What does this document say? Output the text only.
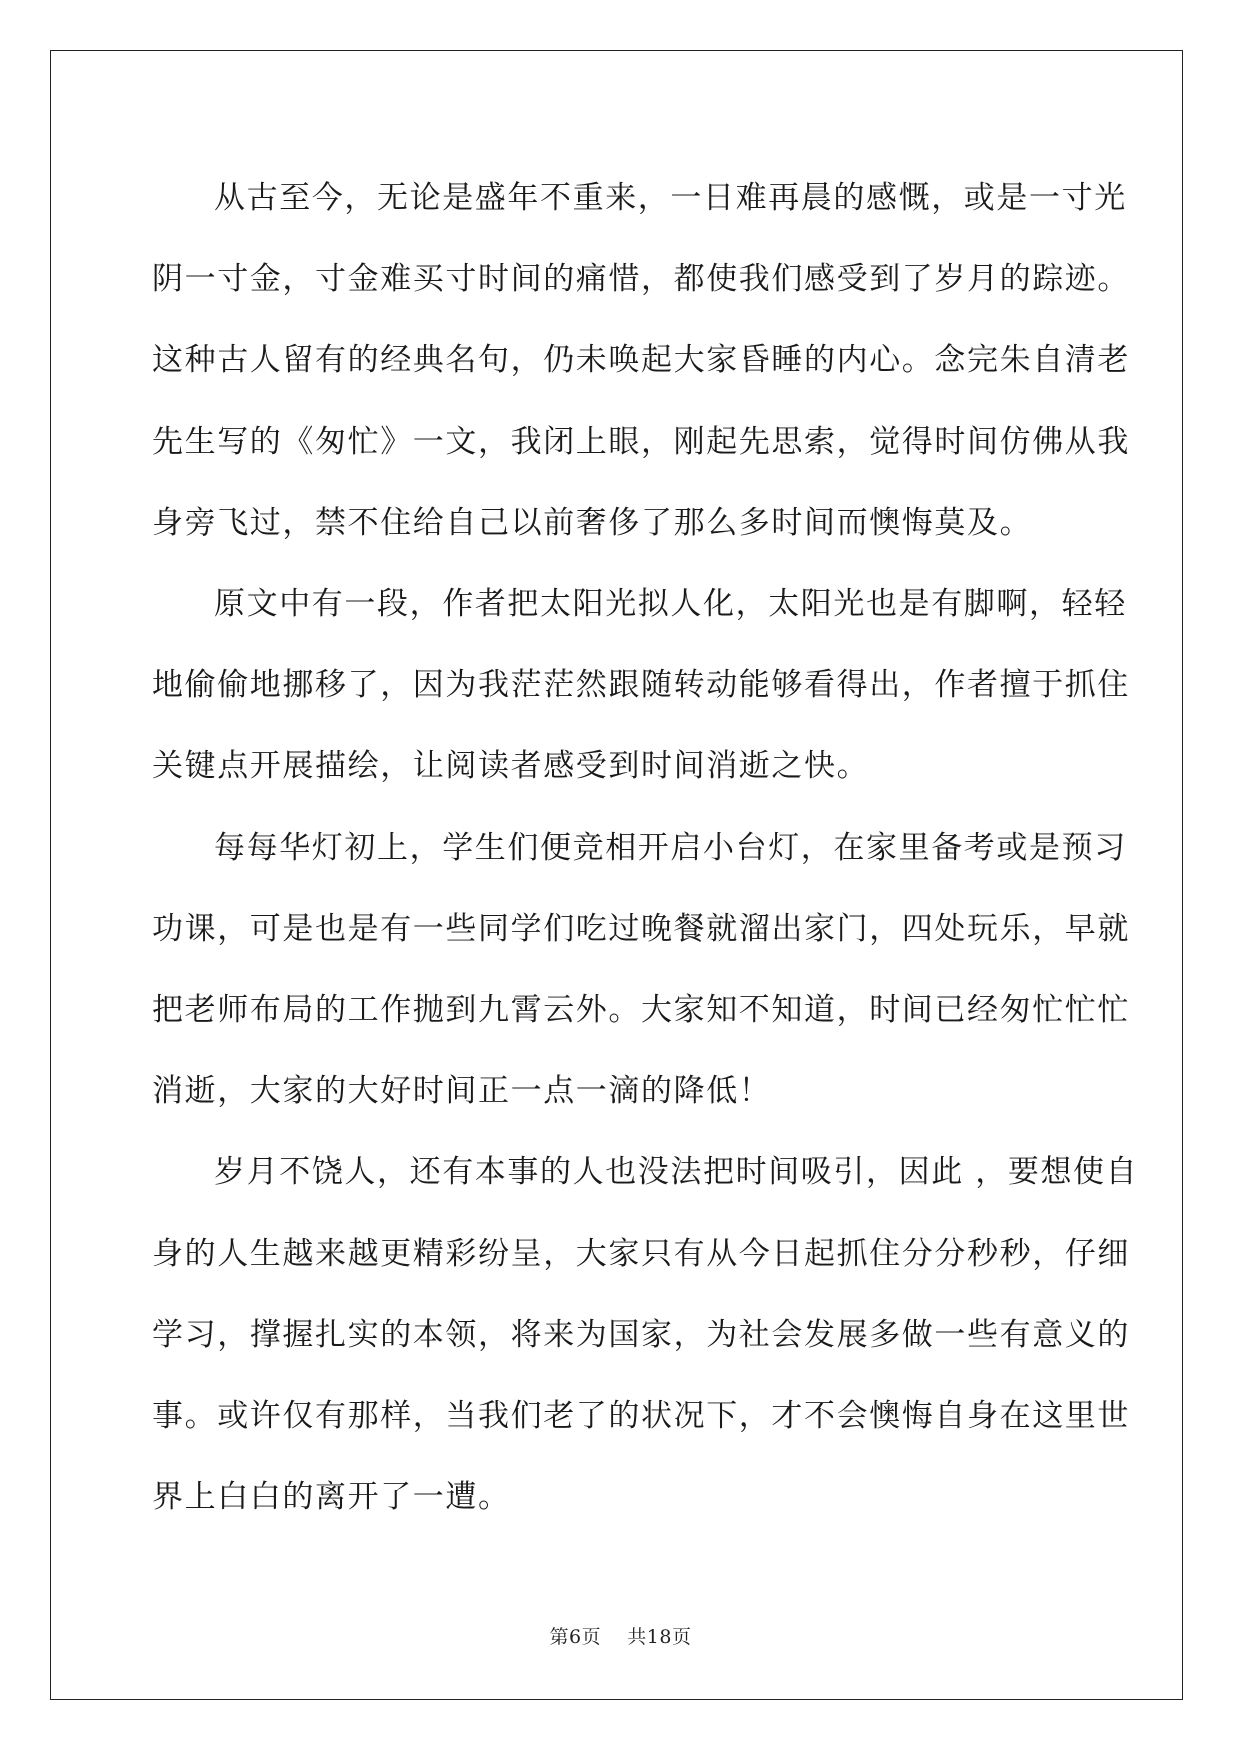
从古至今，无论是盛年不重来，一日难再晨的感慨，或是一寸光
阴一寸金，寸金难买寸时间的痛惜，都使我们感受到了岁月的踪迹。
这种古人留有的经典名句，仍未唤起大家昏睡的内心。念完朱自清老
先生写的《匆忙》一文，我闭上眼，刚起先思索，觉得时间仿佛从我
身旁飞过，禁不住给自己以前奢侈了那么多时间而懊悔莫及。

原文中有一段，作者把太阳光拟人化，太阳光也是有脚啊，轻轻
地偷偷地挪移了，因为我茫茫然跟随转动能够看得出，作者擅于抓住
关键点开展描绘，让阅读者感受到时间消逝之快。

每每华灯初上，学生们便竞相开启小台灯，在家里备考或是预习
功课，可是也是有一些同学们吃过晚餐就溜出家门，四处玩乐，早就
把老师布局的工作抛到九霄云外。大家知不知道，时间已经匆忙忙忙
消逝，大家的大好时间正一点一滴的降低！

岁月不饶人，还有本事的人也没法把时间吸引，因此 ，要想使自
身的人生越来越更精彩纷呈，大家只有从今日起抓住分分秒秒，仔细
学习，撑握扎实的本领，将来为国家，为社会发展多做一些有意义的
事。或许仅有那样，当我们老了的状况下，才不会懊悔自身在这里世
界上白白的离开了一遭。

第6页 共18页
